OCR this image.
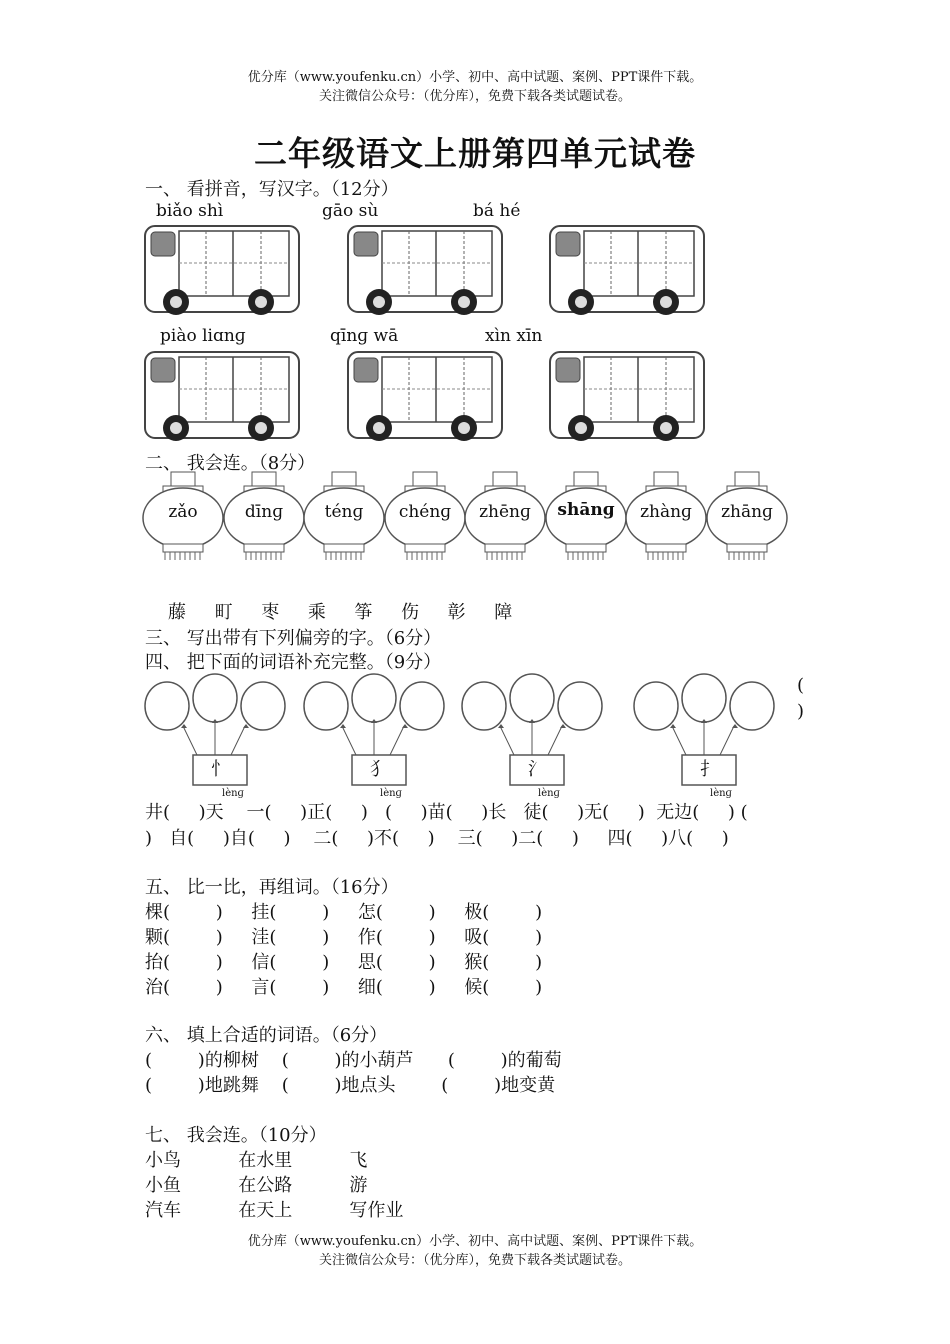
优分库（www.youfenku.cn）小学、初中、高中试题、案例、PPT课件下载。
关注微信公众号：（优分库），免费下载各类试题试卷。
二年级语文上册第四单元试卷
一、 看拼音，写汉字。（12分）
biǎo shì	gāo sù	bá hé
piào liɑnɡ	qīnɡ wā	xìn xīn
二、 我会连。（8分）
zǎo	dīnɡ	ténɡ	chénɡ	zhēnɡ	shānɡ	zhànɡ	zhānɡ
藤     町     枣     乘     筝     伤     彰     障
三、 写出带有下列偏旁的字。（6分）
四、 把下面的词语补充完整。（9分）
(
)
忄	犭	氵	扌
lènɡ	lènɡ	lènɡ	lènɡ
井(     )天    一(     )正(     )   (     )苗(     )长   徒(     )无(     )  无边(     ) (
)   自(     )自(     )    二(     )不(     )    三(     )二(     )     四(     )八(     )
五、 比一比，再组词。（16分）
棵(        )     挂(        )     怎(        )     极(        )
颗(        )     洼(        )     作(        )     吸(        )
抬(        )     信(        )     思(        )     猴(        )
治(        )     言(        )     细(        )     候(        )
六、 填上合适的词语。（6分）
(        )的柳树    (        )的小葫芦      (        )的葡萄
(        )地跳舞    (        )地点头        (        )地变黄
七、 我会连。（10分）
小鸟          在水里          飞
小鱼          在公路          游
汽车          在天上          写作业
优分库（www.youfenku.cn）小学、初中、高中试题、案例、PPT课件下载。
关注微信公众号：（优分库），免费下载各类试题试卷。
